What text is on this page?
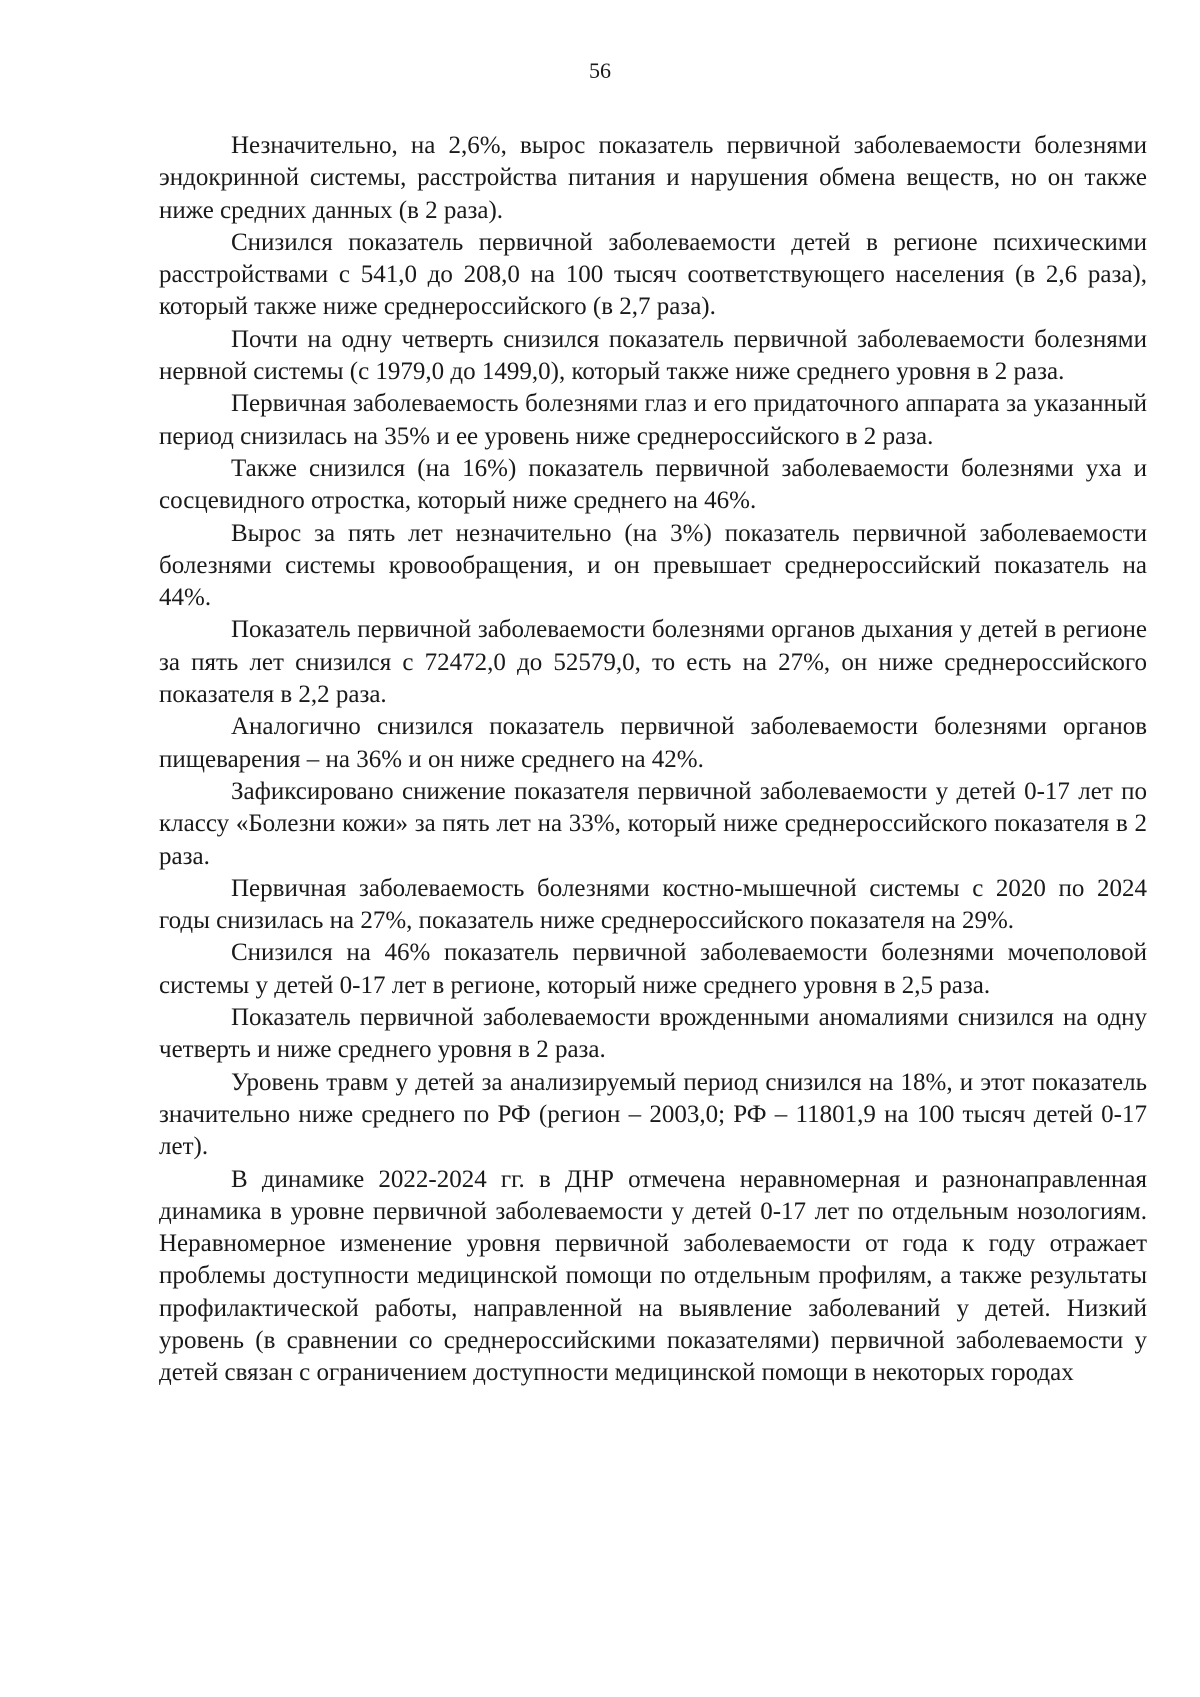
56

Незначительно, на 2,6%, вырос показатель первичной заболеваемости болезнями эндокринной системы, расстройства питания и нарушения обмена веществ, но он также ниже средних данных (в 2 раза).

Снизился показатель первичной заболеваемости детей в регионе психическими расстройствами с 541,0 до 208,0 на 100 тысяч соответствующего населения (в 2,6 раза), который также ниже среднероссийского (в 2,7 раза).

Почти на одну четверть снизился показатель первичной заболеваемости болезнями нервной системы (с 1979,0 до 1499,0), который также ниже среднего уровня в 2 раза.

Первичная заболеваемость болезнями глаз и его придаточного аппарата за указанный период снизилась на 35% и ее уровень ниже среднероссийского в 2 раза.

Также снизился (на 16%) показатель первичной заболеваемости болезнями уха и сосцевидного отростка, который ниже среднего на 46%.

Вырос за пять лет незначительно (на 3%) показатель первичной заболеваемости болезнями системы кровообращения, и он превышает среднероссийский показатель на 44%.

Показатель первичной заболеваемости болезнями органов дыхания у детей в регионе за пять лет снизился с 72472,0 до 52579,0, то есть на 27%, он ниже среднероссийского показателя в 2,2 раза.

Аналогично снизился показатель первичной заболеваемости болезнями органов пищеварения – на 36% и он ниже среднего на 42%.

Зафиксировано снижение показателя первичной заболеваемости у детей 0-17 лет по классу «Болезни кожи» за пять лет на 33%, который ниже среднероссийского показателя в 2 раза.

Первичная заболеваемость болезнями костно-мышечной системы с 2020 по 2024 годы снизилась на 27%, показатель ниже среднероссийского показателя на 29%.

Снизился на 46% показатель первичной заболеваемости болезнями мочеполовой системы у детей 0-17 лет в регионе, который ниже среднего уровня в 2,5 раза.

Показатель первичной заболеваемости врожденными аномалиями снизился на одну четверть и ниже среднего уровня в 2 раза.

Уровень травм у детей за анализируемый период снизился на 18%, и этот показатель значительно ниже среднего по РФ (регион – 2003,0; РФ – 11801,9 на 100 тысяч детей 0-17 лет).

В динамике 2022-2024 гг. в ДНР отмечена неравномерная и разнонаправленная динамика в уровне первичной заболеваемости у детей 0-17 лет по отдельным нозологиям. Неравномерное изменение уровня первичной заболеваемости от года к году отражает проблемы доступности медицинской помощи по отдельным профилям, а также результаты профилактической работы, направленной на выявление заболеваний у детей. Низкий уровень (в сравнении со среднероссийскими показателями) первичной заболеваемости у детей связан с ограничением доступности медицинской помощи в некоторых городах
